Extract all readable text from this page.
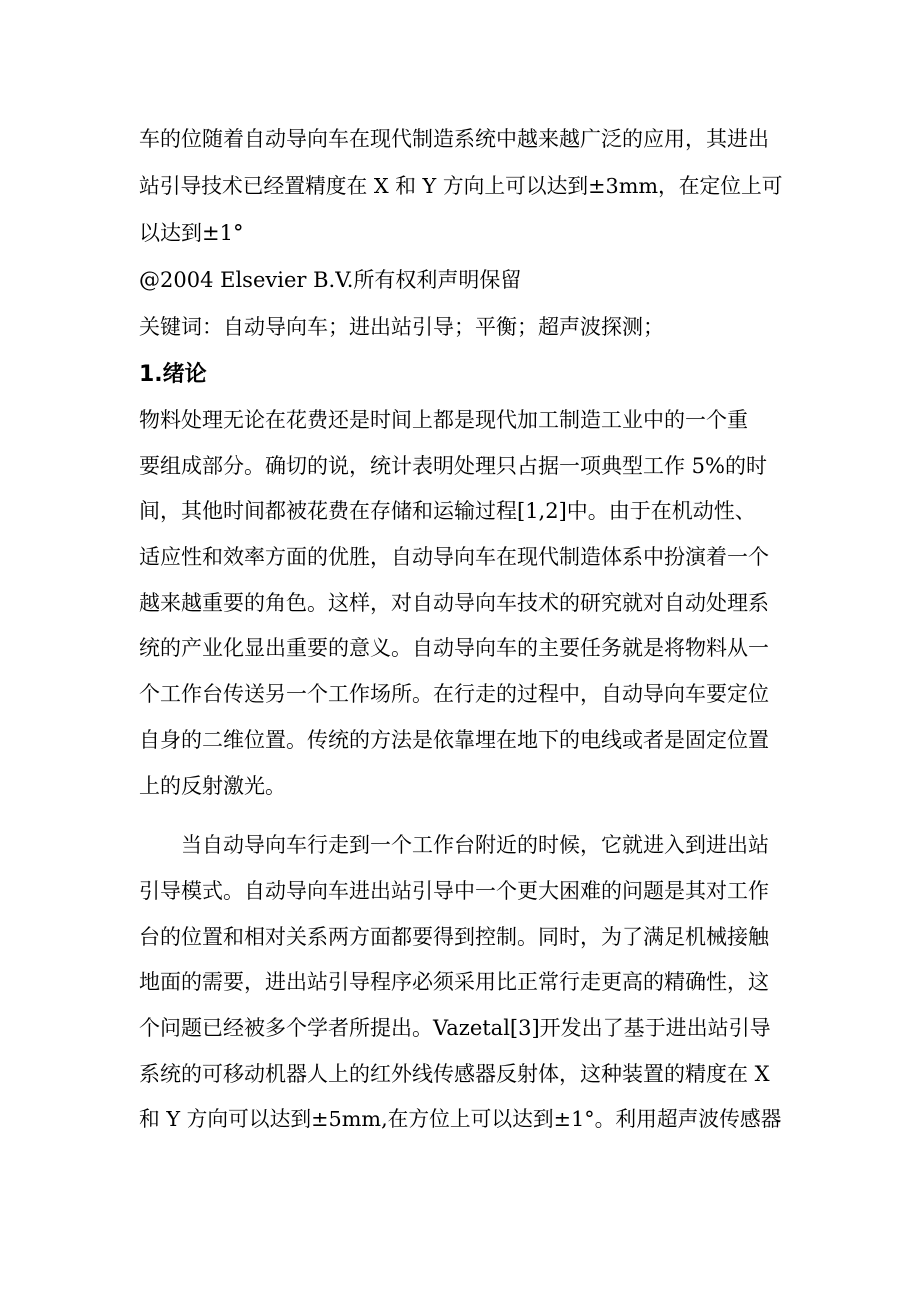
车的位随着自动导向车在现代制造系统中越来越广泛的应用，其进出
站引导技术已经置精度在 X 和 Y 方向上可以达到±3mm，在定位上可
以达到±1°
@2004 Elsevier B.V.所有权利声明保留
关键词：自动导向车；进出站引导；平衡；超声波探测；
1.绪论
物料处理无论在花费还是时间上都是现代加工制造工业中的一个重
要组成部分。确切的说，统计表明处理只占据一项典型工作 5%的时
间，其他时间都被花费在存储和运输过程[1,2]中。由于在机动性、
适应性和效率方面的优胜，自动导向车在现代制造体系中扮演着一个
越来越重要的角色。这样，对自动导向车技术的研究就对自动处理系
统的产业化显出重要的意义。自动导向车的主要任务就是将物料从一
个工作台传送另一个工作场所。在行走的过程中，自动导向车要定位
自身的二维位置。传统的方法是依靠埋在地下的电线或者是固定位置
上的反射激光。
当自动导向车行走到一个工作台附近的时候，它就进入到进出站
引导模式。自动导向车进出站引导中一个更大困难的问题是其对工作
台的位置和相对关系两方面都要得到控制。同时，为了满足机械接触
地面的需要，进出站引导程序必须采用比正常行走更高的精确性，这
个问题已经被多个学者所提出。Vazetal[3]开发出了基于进出站引导
系统的可移动机器人上的红外线传感器反射体，这种装置的精度在 X
和 Y 方向可以达到±5mm,在方位上可以达到±1°。利用超声波传感器
